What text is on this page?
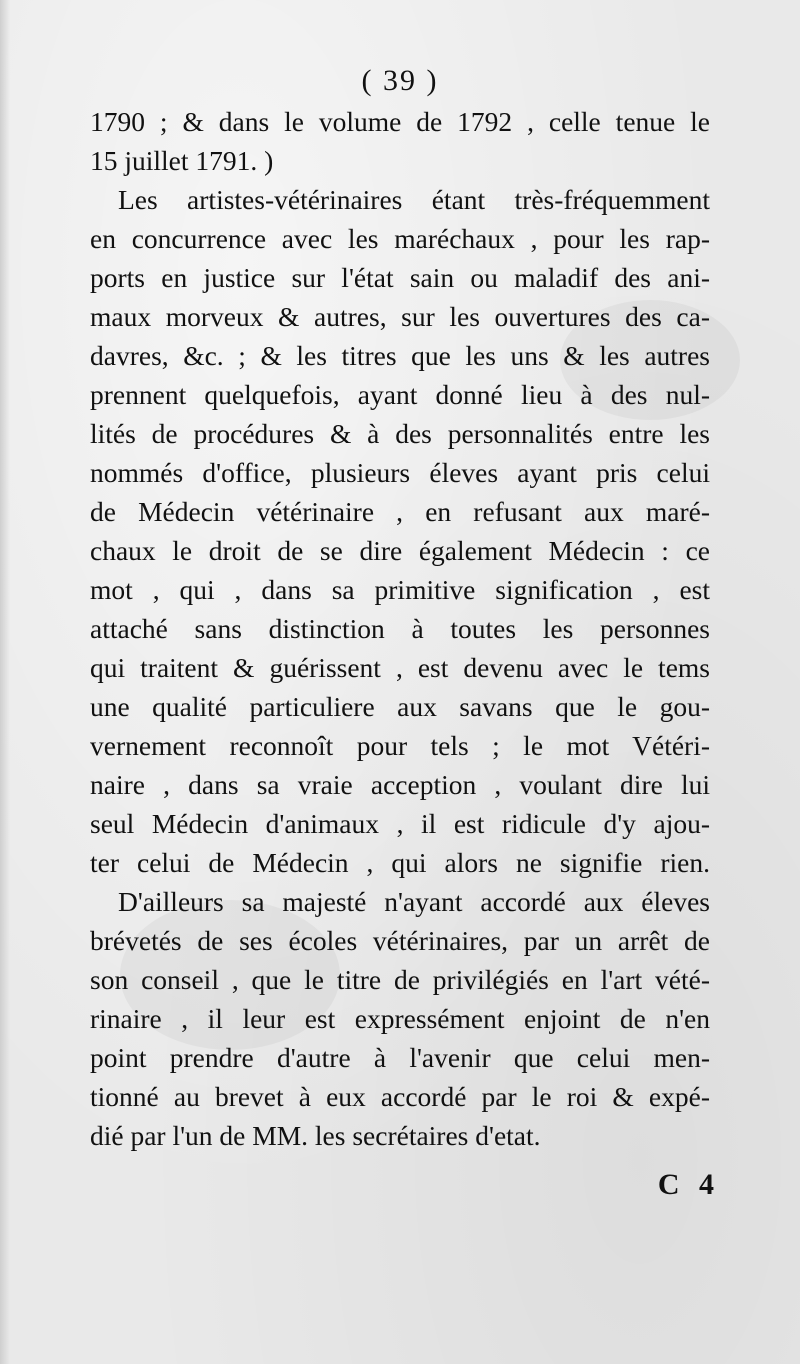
( 39 )
1790 ; & dans le volume de 1792 , celle tenue le
15 juillet 1791. )
Les artistes-vétérinaires étant très-fréquemment
en concurrence avec les maréchaux , pour les rap-
ports en justice sur l'état sain ou maladif des ani-
maux morveux & autres, sur les ouvertures des ca-
davres, &c. ; & les titres que les uns & les autres
prennent quelquefois, ayant donné lieu à des nul-
lités de procédures & à des personnalités entre les
nommés d'office, plusieurs éleves ayant pris celui
de Médecin vétérinaire , en refusant aux maré-
chaux le droit de se dire également Médecin : ce
mot , qui , dans sa primitive signification , est
attaché sans distinction à toutes les personnes
qui traitent & guérissent , est devenu avec le tems
une qualité particuliere aux savans que le gou-
vernement reconnoît pour tels ; le mot Vétéri-
naire , dans sa vraie acception , voulant dire lui
seul Médecin d'animaux , il est ridicule d'y ajou-
ter celui de Médecin , qui alors ne signifie rien.
D'ailleurs sa majesté n'ayant accordé aux éleves
brévetés de ses écoles vétérinaires, par un arrêt de
son conseil , que le titre de privilégiés en l'art vété-
rinaire , il leur est expressément enjoint de n'en
point prendre d'autre à l'avenir que celui men-
tionné au brevet à eux accordé par le roi & expé-
dié par l'un de MM. les secrétaires d'etat.
C 4
